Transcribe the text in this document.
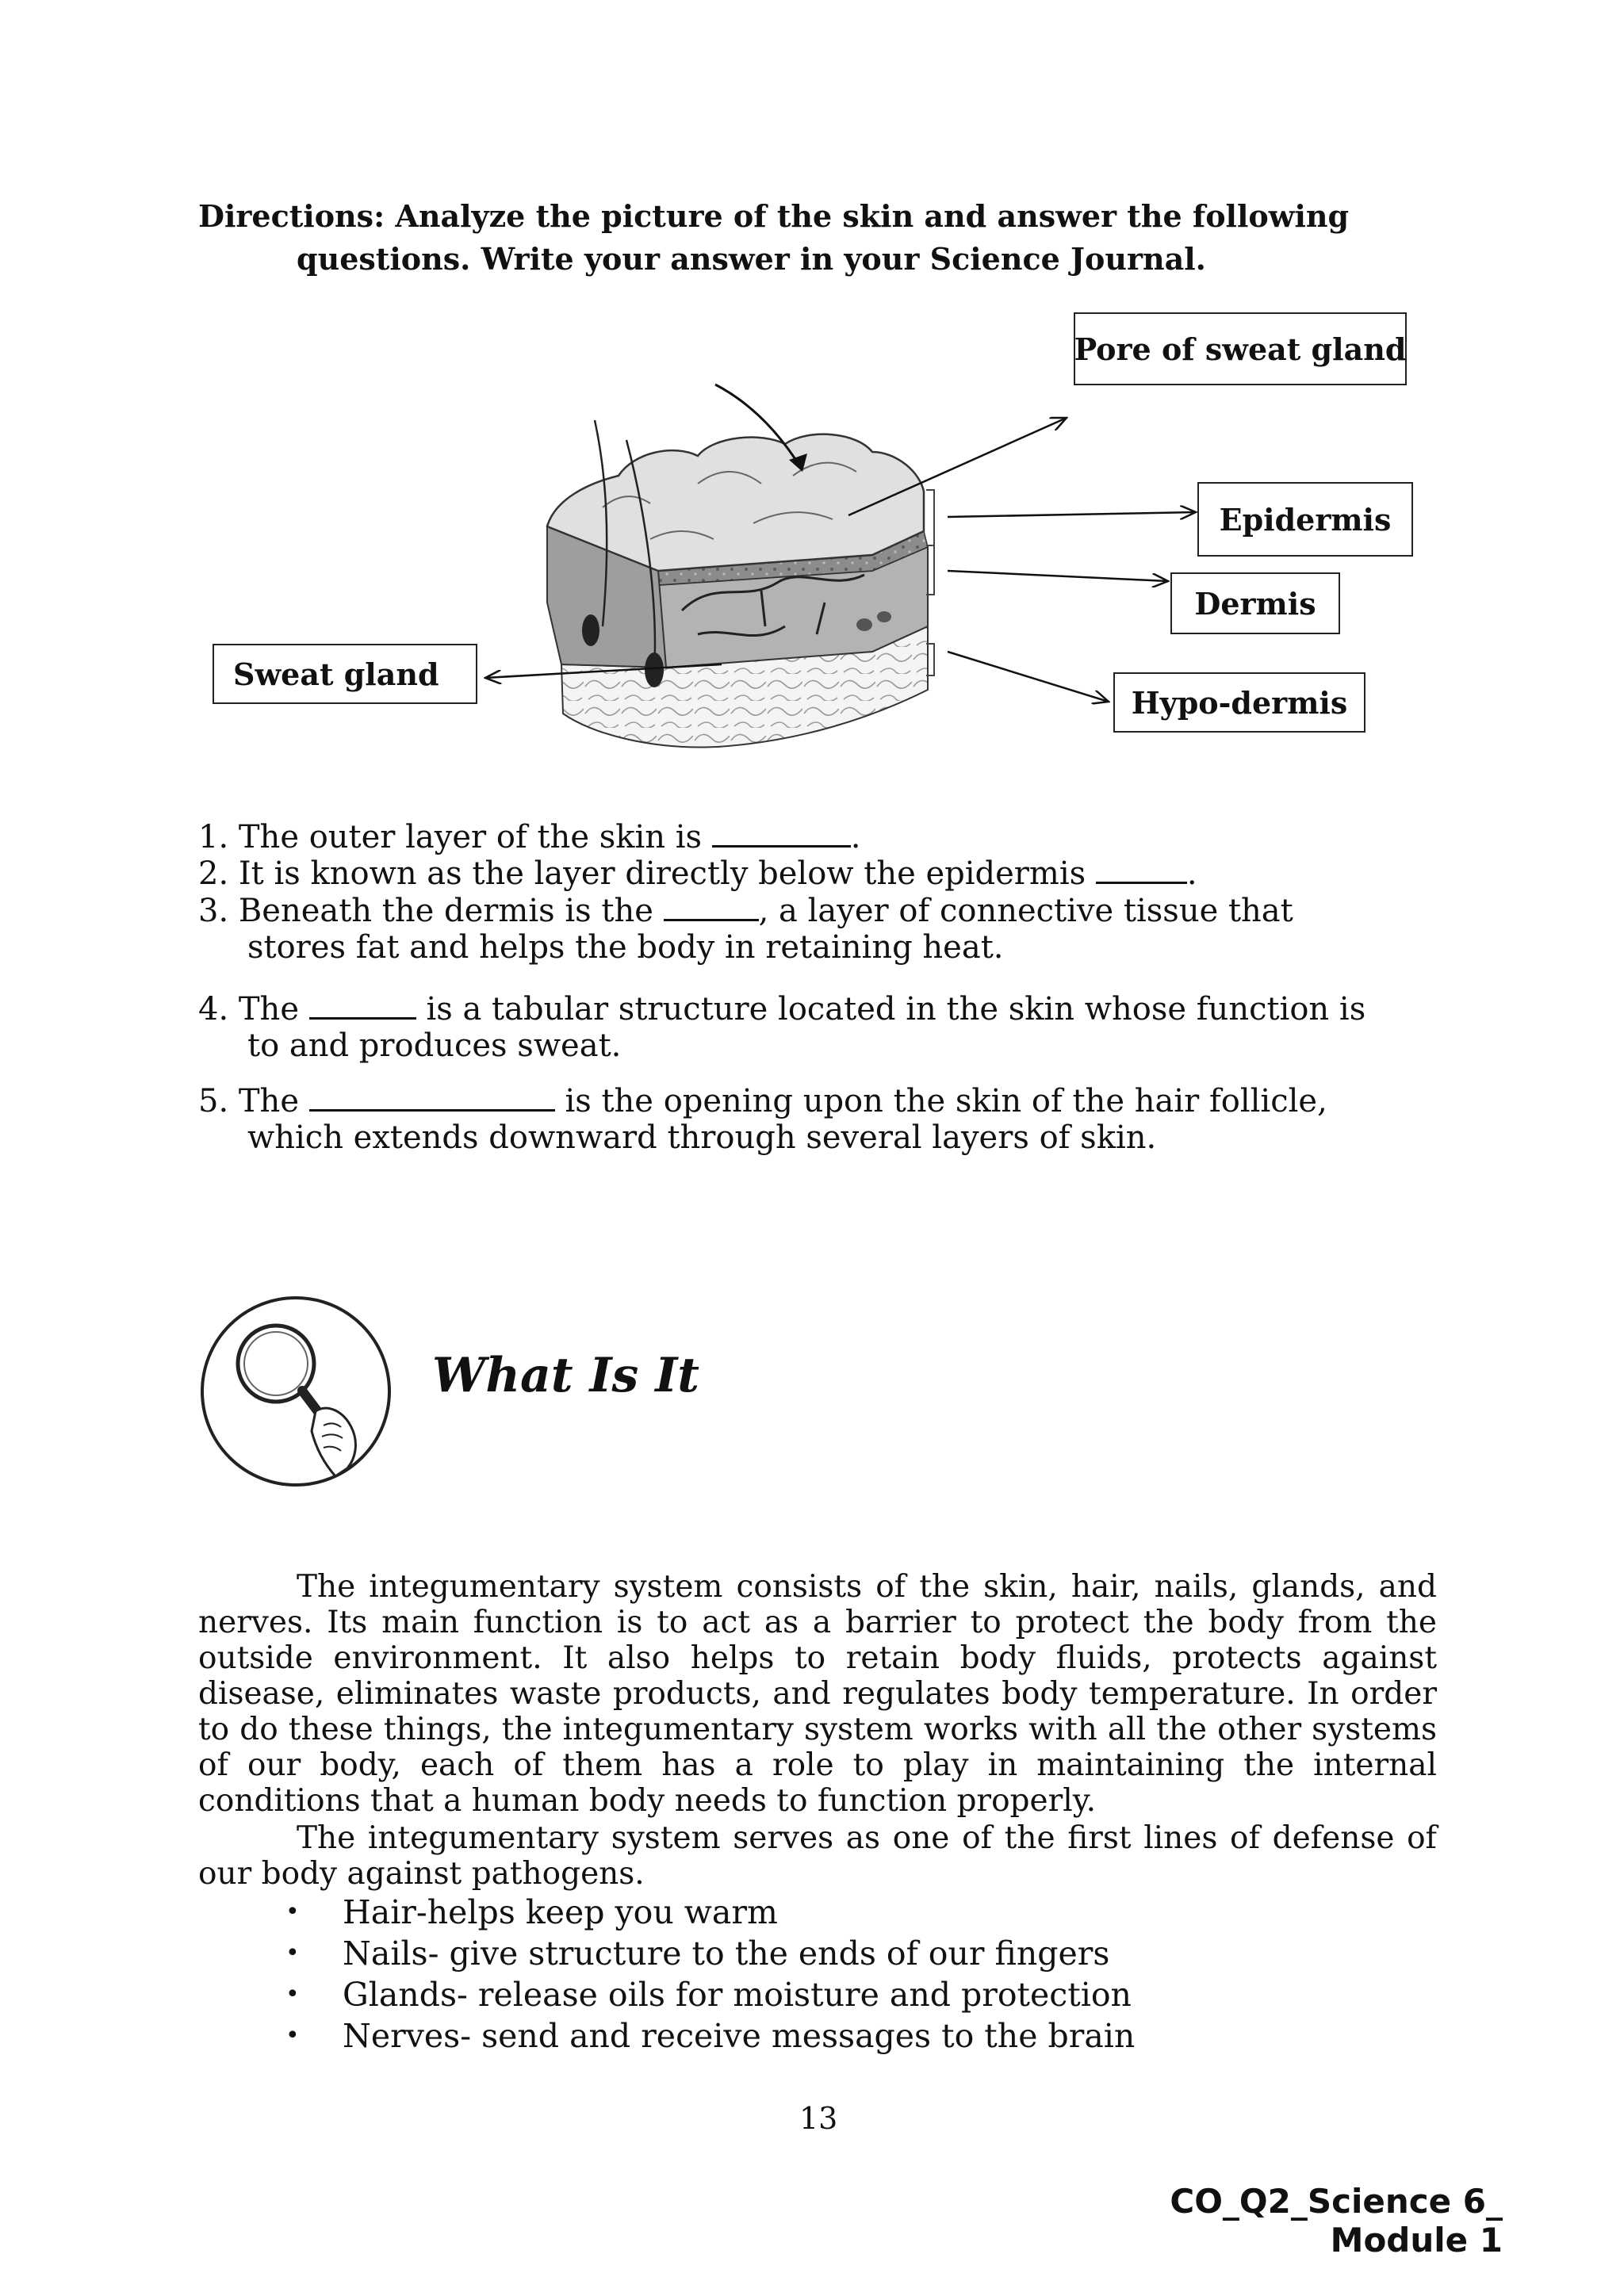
Directions: Analyze the picture of the skin and answer the following
questions. Write your answer in your Science Journal.
Pore of sweat gland
Epidermis
Dermis
Hypo-dermis
Sweat gland
1. The outer layer of the skin is	.
2. It is known as the layer directly below the epidermis	.
3. Beneath the dermis is the	, a layer of connective tissue that
stores fat and helps the body in retaining heat.
4. The	is a tabular structure located in the skin whose function is
to and produces sweat.
5. The	is the opening upon the skin of the hair follicle,
which extends downward through several layers of skin.
What Is It
The integumentary system consists of the skin, hair, nails, glands, and nerves. Its main function is to act as a barrier to protect the body from the outside environment. It also helps to retain body fluids, protects against disease, eliminates waste products, and regulates body temperature. In order to do these things, the integumentary system works with all the other systems of our body, each of them has a role to play in maintaining the internal conditions that a human body needs to function properly.
The integumentary system serves as one of the first lines of defense of our body against pathogens.
• Hair-helps keep you warm
• Nails- give structure to the ends of our fingers
• Glands- release oils for moisture and protection
• Nerves- send and receive messages to the brain
13
CO_Q2_Science 6_ Module 1
